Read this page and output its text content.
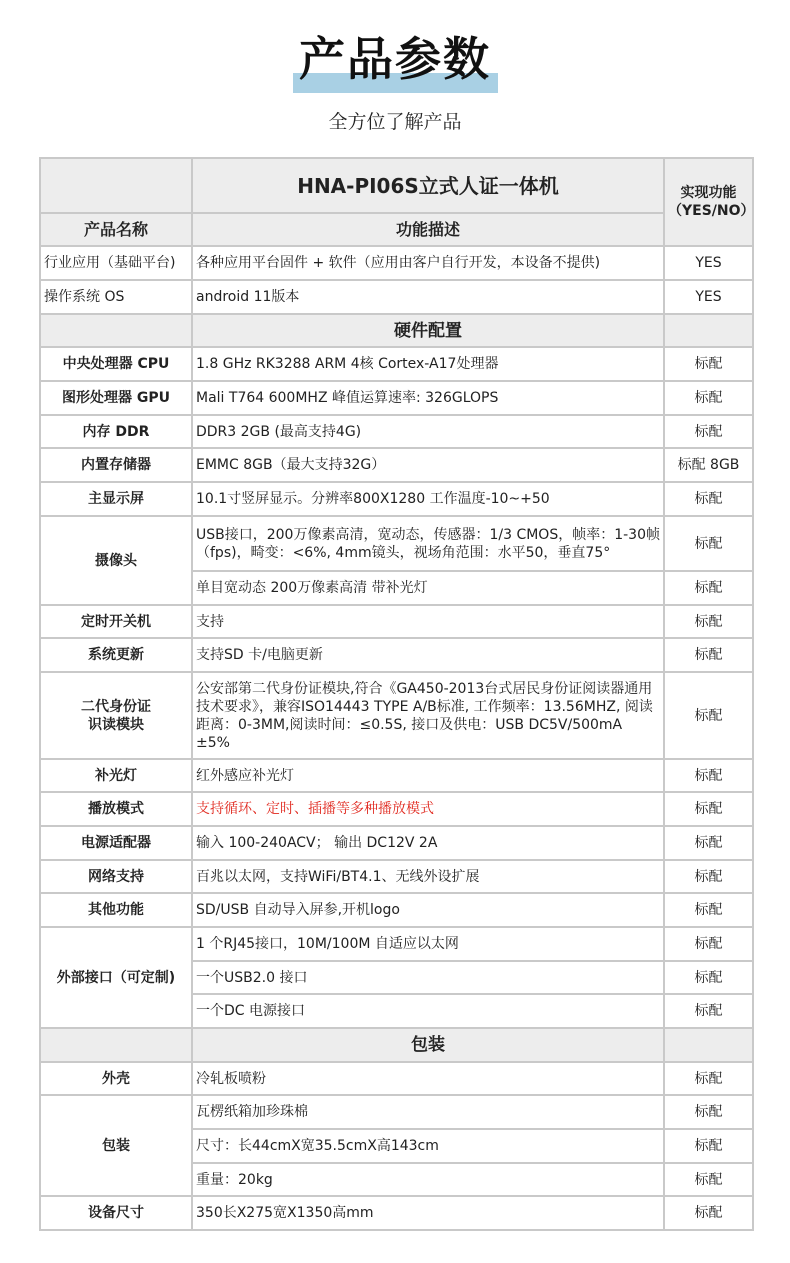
产品参数
全方位了解产品
	HNA-PI06S立式人证一体机	实现功能（YES/NO）
产品名称	功能描述	
行业应用（基础平台)	各种应用平台固件 + 软件（应用由客户自行开发，本设备不提供)	YES
操作系统 OS	android 11版本	YES
	硬件配置	
中央处理器 CPU	1.8 GHz RK3288 ARM 4核 Cortex-A17处理器	标配
图形处理器 GPU	Mali T764 600MHZ 峰值运算速率: 326GLOPS	标配
内存 DDR	DDR3 2GB (最高支持4G)	标配
内置存储器	EMMC 8GB（最大支持32G）	标配 8GB
主显示屏	10.1寸竖屏显示。分辨率800X1280 工作温度-10~+50	标配
摄像头	USB接口，200万像素高清，宽动态，传感器：1/3 CMOS，帧率：1-30帧（fps)，畸变：<6%, 4mm镜头，视场角范围：水平50，垂直75°	标配
	单目宽动态 200万像素高清 带补光灯	标配
定时开关机	支持	标配
系统更新	支持SD 卡/电脑更新	标配

二代身份证
识读模块	公安部第二代身份证模块,符合《GA450-2013台式居民身份证阅读器通用技术要求》，兼容ISO14443 TYPE A/B标准, 工作频率：13.56MHZ, 阅读距离：0-3MM,阅读时间：≤0.5S, 接口及供电：USB DC5V/500mA ±5%	标配
补光灯	红外感应补光灯	标配
播放模式	支持循环、定时、插播等多种播放模式	标配
电源适配器	输入 100-240ACV； 输出 DC12V 2A	标配
网络支持	百兆以太网，支持WiFi/BT4.1、无线外设扩展	标配
其他功能	SD/USB 自动导入屏参,开机logo	标配
外部接口（可定制)	1 个RJ45接口，10M/100M 自适应以太网	标配
	一个USB2.0 接口	标配
	一个DC 电源接口	标配
	包装	
外壳	冷轧板喷粉	标配
包装	瓦楞纸箱加珍珠棉	标配
	尺寸：长44cmX宽35.5cmX高143cm	标配
	重量：20kg	标配
设备尺寸	350长X275宽X1350高mm	标配
